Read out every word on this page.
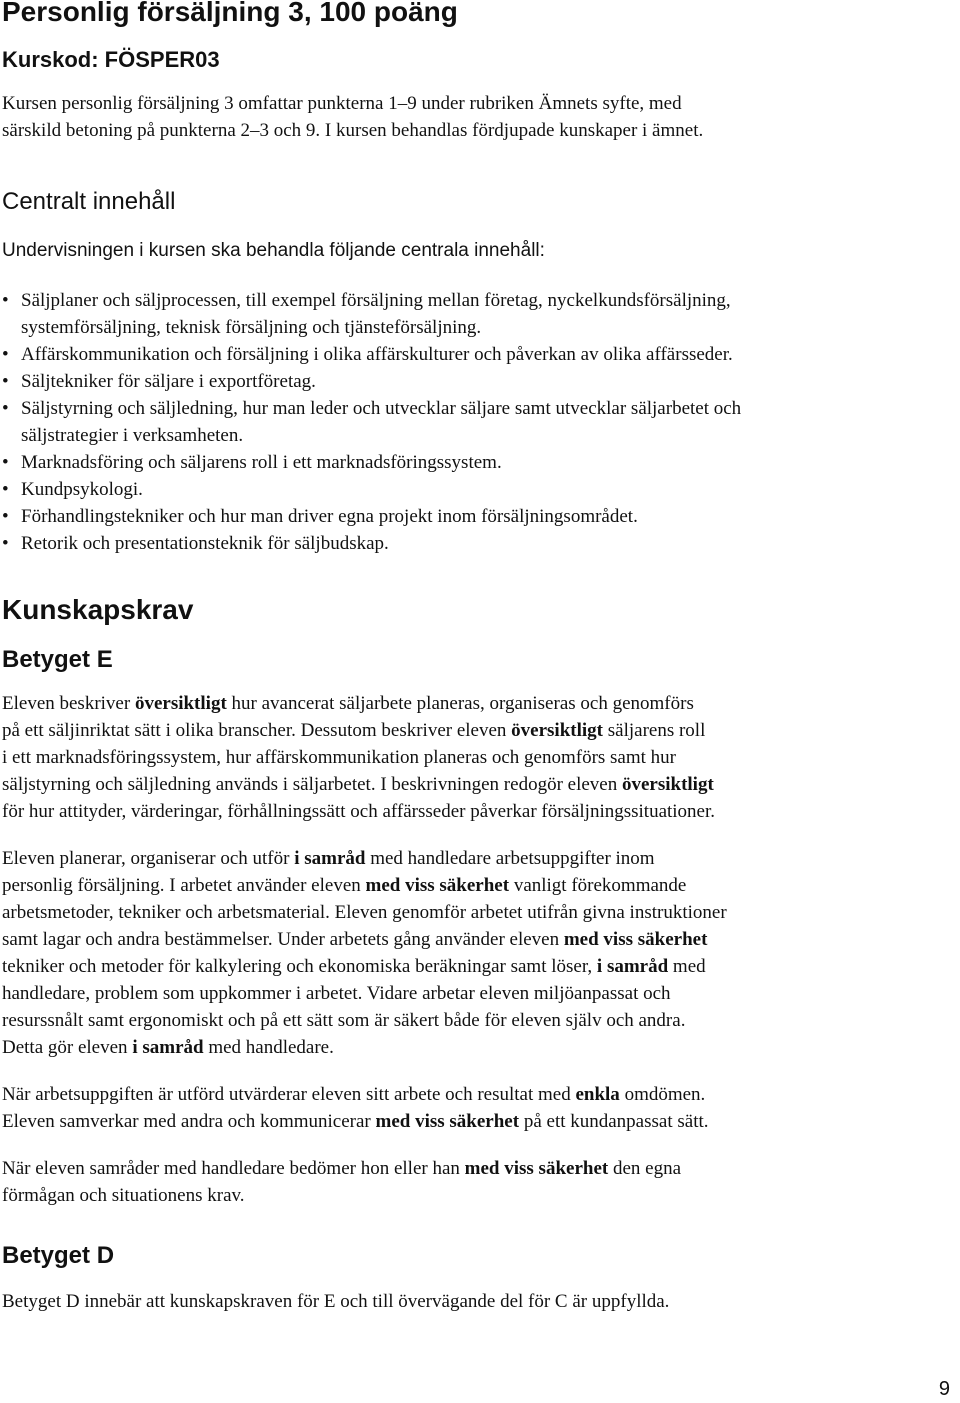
Personlig försäljning 3, 100 poäng
Kurskod: FÖSPER03
Kursen personlig försäljning 3 omfattar punkterna 1–9 under rubriken Ämnets syfte, med
särskild betoning på punkterna 2–3 och 9. I kursen behandlas fördjupade kunskaper i ämnet.
Centralt innehåll
Undervisningen i kursen ska behandla följande centrala innehåll:
• Säljplaner och säljprocessen, till exempel försäljning mellan företag, nyckelkundsförsäljning,
systemförsäljning, teknisk försäljning och tjänsteförsäljning.
• Affärskommunikation och försäljning i olika affärskulturer och påverkan av olika affärsseder.
• Säljtekniker för säljare i exportföretag.
• Säljstyrning och säljledning, hur man leder och utvecklar säljare samt utvecklar säljarbetet och
säljstrategier i verksamheten.
• Marknadsföring och säljarens roll i ett marknadsföringssystem.
• Kundpsykologi.
• Förhandlingstekniker och hur man driver egna projekt inom försäljningsområdet.
• Retorik och presentationsteknik för säljbudskap.
Kunskapskrav
Betyget E
Eleven beskriver översiktligt hur avancerat säljarbete planeras, organiseras och genomförs
på ett säljinriktat sätt i olika branscher. Dessutom beskriver eleven översiktligt säljarens roll
i ett marknadsföringssystem, hur affärskommunikation planeras och genomförs samt hur
säljstyrning och säljledning används i säljarbetet. I beskrivningen redogör eleven översiktligt
för hur attityder, värderingar, förhållningssätt och affärsseder påverkar försäljningssituationer.
Eleven planerar, organiserar och utför i samråd med handledare arbetsuppgifter inom
personlig försäljning. I arbetet använder eleven med viss säkerhet vanligt förekommande
arbetsmetoder, tekniker och arbetsmaterial. Eleven genomför arbetet utifrån givna instruktioner
samt lagar och andra bestämmelser. Under arbetets gång använder eleven med viss säkerhet
tekniker och metoder för kalkylering och ekonomiska beräkningar samt löser, i samråd med
handledare, problem som uppkommer i arbetet. Vidare arbetar eleven miljöanpassat och
resurssnålt samt ergonomiskt och på ett sätt som är säkert både för eleven själv och andra.
Detta gör eleven i samråd med handledare.
När arbetsuppgiften är utförd utvärderar eleven sitt arbete och resultat med enkla omdömen.
Eleven samverkar med andra och kommunicerar med viss säkerhet på ett kundanpassat sätt.
När eleven samråder med handledare bedömer hon eller han med viss säkerhet den egna
förmågan och situationens krav.
Betyget D
Betyget D innebär att kunskapskraven för E och till övervägande del för C är uppfyllda.
9
